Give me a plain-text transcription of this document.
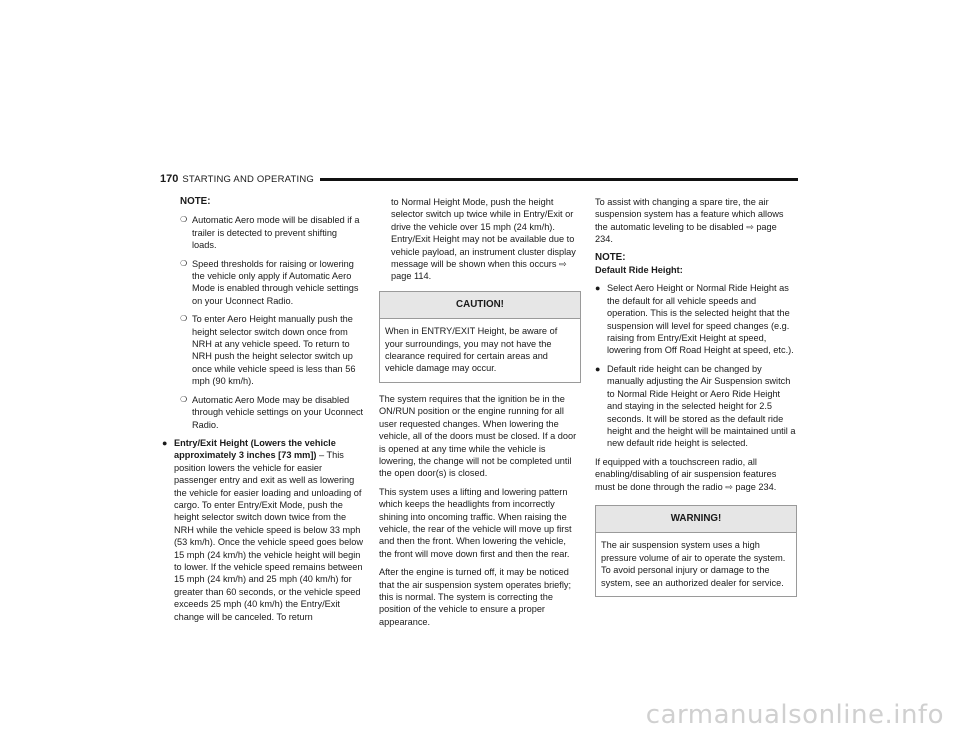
170 STARTING AND OPERATING
NOTE:
❍ Automatic Aero mode will be disabled if a trailer is detected to prevent shifting loads.
❍ Speed thresholds for raising or lowering the vehicle only apply if Automatic Aero Mode is enabled through vehicle settings on your Uconnect Radio.
❍ To enter Aero Height manually push the height selector switch down once from NRH at any vehicle speed. To return to NRH push the height selector switch up once while vehicle speed is less than 56 mph (90 km/h).
❍ Automatic Aero Mode may be disabled through vehicle settings on your Uconnect Radio.
● Entry/Exit Height (Lowers the vehicle approximately 3 inches [73 mm]) – This position lowers the vehicle for easier passenger entry and exit as well as lowering the vehicle for easier loading and unloading of cargo. To enter Entry/Exit Mode, push the height selector switch down twice from the NRH while the vehicle speed is below 33 mph (53 km/h). Once the vehicle speed goes below 15 mph (24 km/h) the vehicle height will begin to lower. If the vehicle speed remains between 15 mph (24 km/h) and 25 mph (40 km/h) for greater than 60 seconds, or the vehicle speed exceeds 25 mph (40 km/h) the Entry/Exit change will be canceled. To return
to Normal Height Mode, push the height selector switch up twice while in Entry/Exit or drive the vehicle over 15 mph (24 km/h). Entry/Exit Height may not be available due to vehicle payload, an instrument cluster display message will be shown when this occurs ⇨ page 114.
CAUTION!
When in ENTRY/EXIT Height, be aware of your surroundings, you may not have the clearance required for certain areas and vehicle damage may occur.

The system requires that the ignition be in the ON/RUN position or the engine running for all user requested changes. When lowering the vehicle, all of the doors must be closed. If a door is opened at any time while the vehicle is lowering, the change will not be completed until the open door(s) is closed.

This system uses a lifting and lowering pattern which keeps the headlights from incorrectly shining into oncoming traffic. When raising the vehicle, the rear of the vehicle will move up first and then the front. When lowering the vehicle, the front will move down first and then the rear.

After the engine is turned off, it may be noticed that the air suspension system operates briefly; this is normal. The system is correcting the position of the vehicle to ensure a proper appearance.

To assist with changing a spare tire, the air suspension system has a feature which allows the automatic leveling to be disabled ⇨ page 234.

NOTE:
Default Ride Height:
● Select Aero Height or Normal Ride Height as the default for all vehicle speeds and operation. This is the selected height that the suspension will level for speed changes (e.g. raising from Entry/Exit Height at speed, lowering from Off Road Height at speed, etc.).
● Default ride height can be changed by manually adjusting the Air Suspension switch to Normal Ride Height or Aero Ride Height and staying in the selected height for 2.5 seconds. It will be stored as the default ride height and the height will be maintained until a new default ride height is selected.

If equipped with a touchscreen radio, all enabling/disabling of air suspension features must be done through the radio ⇨ page 234.

WARNING!
The air suspension system uses a high pressure volume of air to operate the system. To avoid personal injury or damage to the system, see an authorized dealer for service.
carmanualsonline.info
